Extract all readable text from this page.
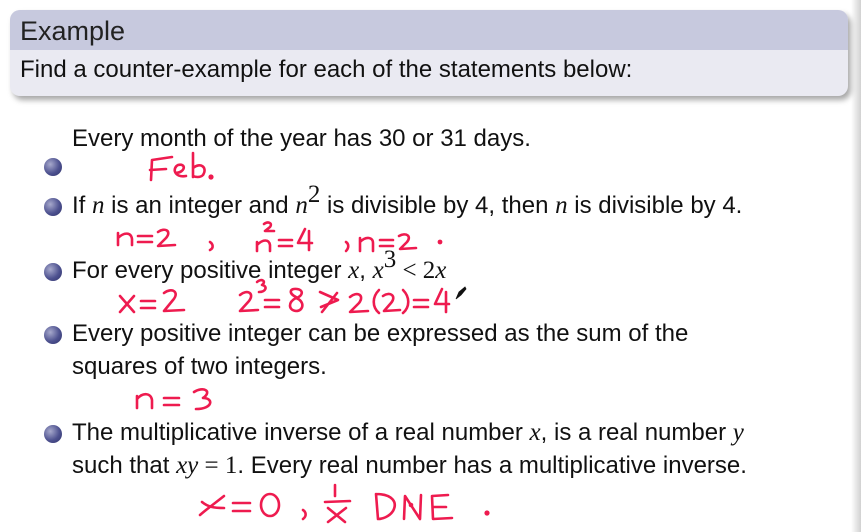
Example
Find a counter-example for each of the statements below:
Every month of the year has 30 or 31 days.
If n is an integer and $n^2$ is divisible by 4, then n is divisible by 4.
For every positive integer x, $x^3 < 2x$
Every positive integer can be expressed as the sum of the
squares of two integers.
The multiplicative inverse of a real number x, is a real number y
such that xy = 1. Every real number has a multiplicative inverse.
